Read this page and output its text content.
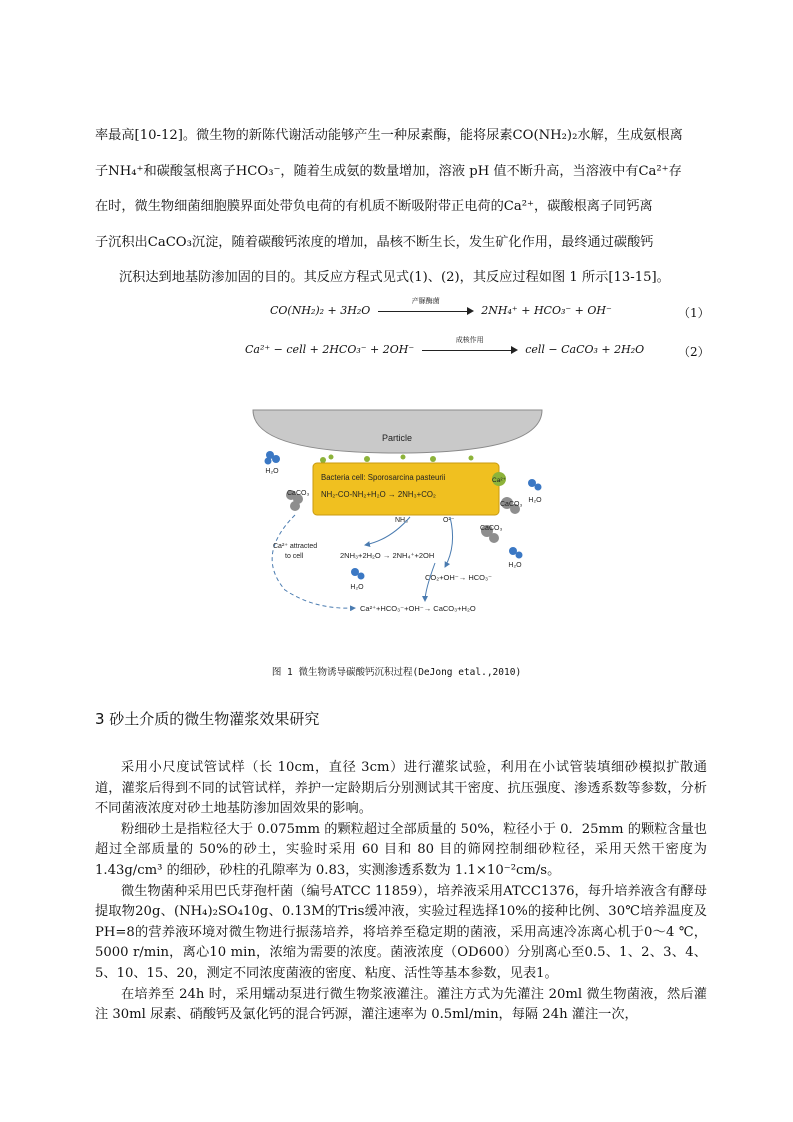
率最高[10-12]。微生物的新陈代谢活动能够产生一种尿素酶，能将尿素CO(NH₂)₂水解，生成氨根离
子NH₄⁺和碳酸氢根离子HCO₃⁻，随着生成氨的数量增加，溶液 pH 值不断升高，当溶液中有Ca²⁺存
在时，微生物细菌细胞膜界面处带负电荷的有机质不断吸附带正电荷的Ca²⁺，碳酸根离子同钙离
子沉积出CaCO₃沉淀，随着碳酸钙浓度的增加，晶核不断生长，发生矿化作用，最终通过碳酸钙
沉积达到地基防渗加固的目的。其反应方程式见式(1)、(2)，其反应过程如图 1 所示[13-15]。
CO(NH₂)₂ + 3H₂O
产脲酶菌
2NH₄⁺ + HCO₃⁻ + OH⁻	（1）
Ca²⁺ − cell + 2HCO₃⁻ + 2OH⁻
成核作用
cell − CaCO₃ + 2H₂O	（2）
Particle
Bacteria cell: Sporosarcina pasteurii
NH₂-CO-NH₂+H₂O → 2NH₃+CO₂
NH₃	O²⁻
H₂O
CaCO₃
Ca²⁺
H₂O
CaCO₃
CaCO₃
H₂O
Ca²⁺ attracted
to cell	2NH₃+2H₂O → 2NH₄⁺+2OH
CO₂+OH⁻→ HCO₃⁻
H₂O
Ca²⁺+HCO₃⁻+OH⁻→ CaCO₃+H₂O
图 1 微生物诱导碳酸钙沉积过程(DeJong etal.,2010)
3 砂土介质的微生物灌浆效果研究

采用小尺度试管试样（长 10cm，直径 3cm）进行灌浆试验，利用在小试管装填细砂模拟扩散通道，灌浆后得到不同的试管试样，养护一定龄期后分别测试其干密度、抗压强度、渗透系数等参数，分析不同菌液浓度对砂土地基防渗加固效果的影响。

粉细砂土是指粒径大于 0.075mm 的颗粒超过全部质量的 50%，粒径小于 0．25mm 的颗粒含量也超过全部质量的 50%的砂土，实验时采用 60 目和 80 目的筛网控制细砂粒径，采用天然干密度为 1.43g/cm³ 的细砂，砂柱的孔隙率为 0.83，实测渗透系数为 1.1×10⁻²cm/s。

微生物菌种采用巴氏芽孢杆菌（编号ATCC 11859），培养液采用ATCC1376，每升培养液含有酵母提取物20g、(NH₄)₂SO₄10g、0.13M的Tris缓冲液，实验过程选择10%的接种比例、30℃培养温度及PH=8的营养液环境对微生物进行振荡培养，将培养至稳定期的菌液，采用高速冷冻离心机于0～4 ℃，5000 r/min，离心10 min，浓缩为需要的浓度。菌液浓度（OD600）分别离心至0.5、1、2、3、4、5、10、15、20，测定不同浓度菌液的密度、粘度、活性等基本参数，见表1。

在培养至 24h 时，采用蠕动泵进行微生物浆液灌注。灌注方式为先灌注 20ml 微生物菌液，然后灌注 30ml 尿素、硝酸钙及氯化钙的混合钙源，灌注速率为 0.5ml/min，每隔 24h 灌注一次，
